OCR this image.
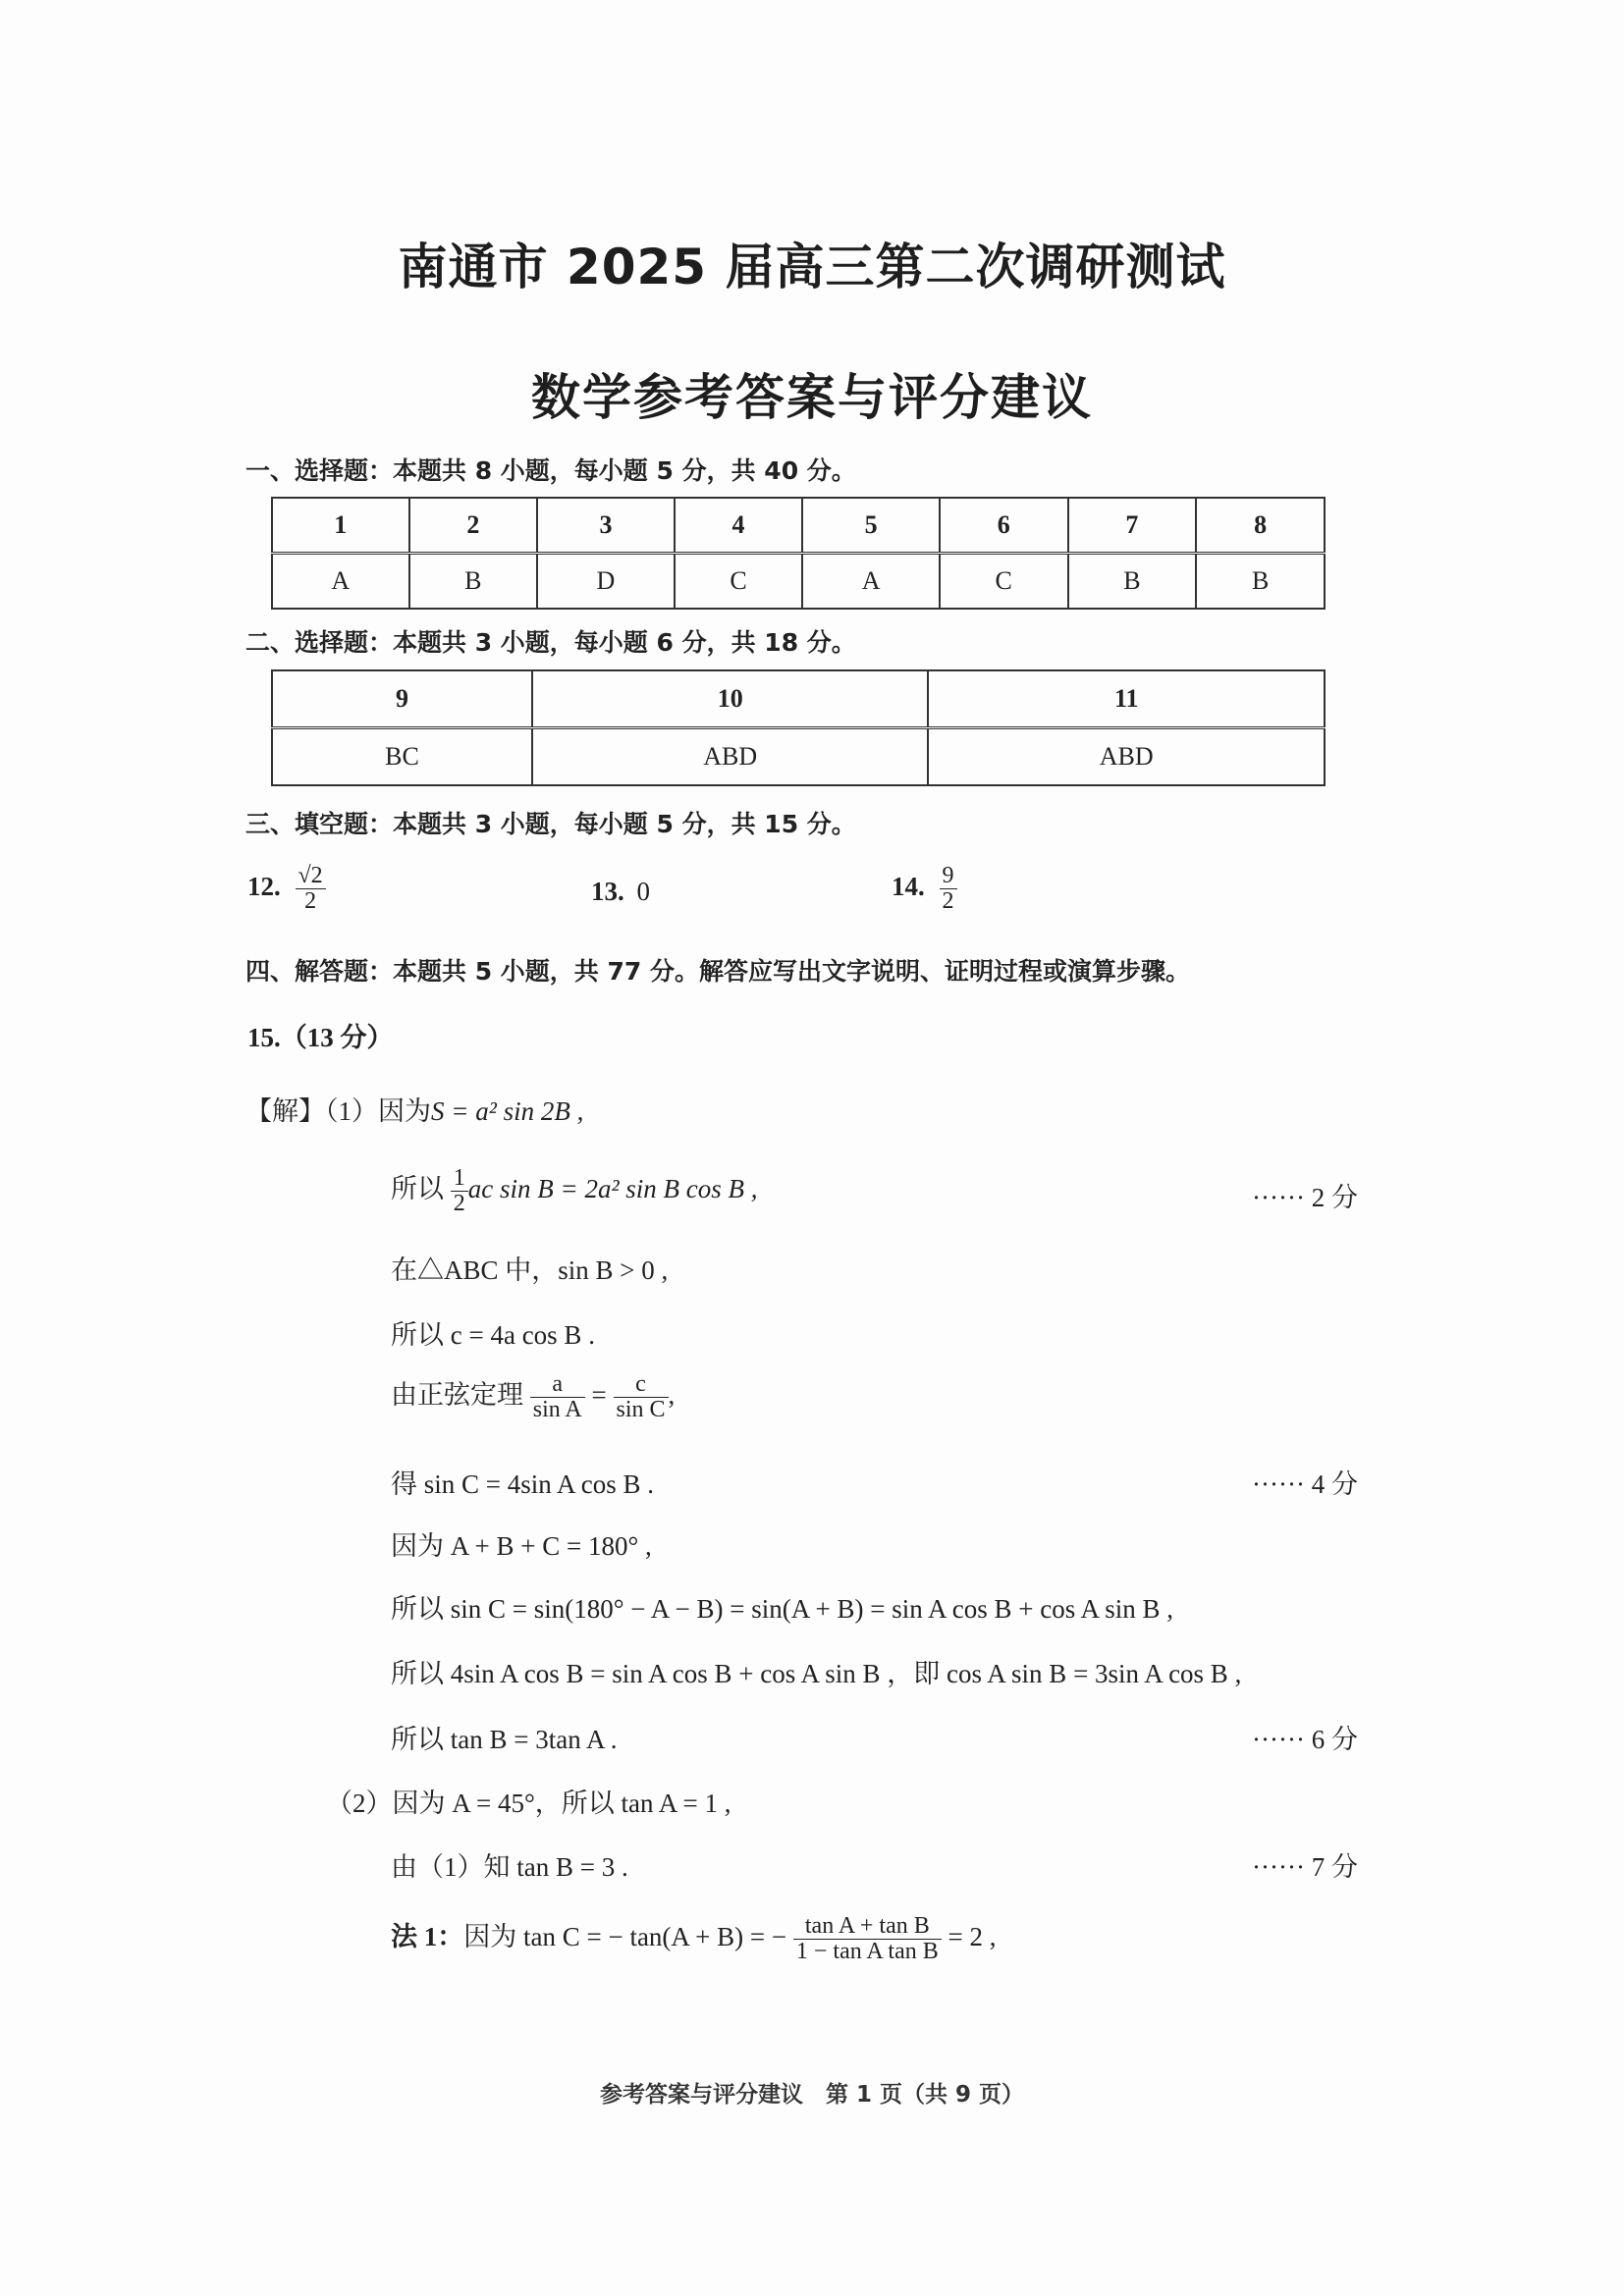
南通市 2025 届高三第二次调研测试
数学参考答案与评分建议
一、选择题：本题共 8 小题，每小题 5 分，共 40 分。
1	2	3	4	5	6	7	8
A	B	D	C	A	C	B	B
二、选择题：本题共 3 小题，每小题 6 分，共 18 分。
9	10	11
BC	ABD	ABD
三、填空题：本题共 3 小题，每小题 5 分，共 15 分。
12. $\frac{√2}{2}$	13. 0	14. $\frac{9}{2}$
四、解答题：本题共 5 小题，共 77 分。解答应写出文字说明、证明过程或演算步骤。
15.（13 分）
【解】（1）因为S = a² sin 2B ,
所以 $\frac{1}{2}$ ac sin B = 2a² sin B cos B ,	······ 2 分
在△ABC 中，sin B > 0 ,
所以 c = 4a cos B .
由正弦定理 $\frac{a}{\text{sin A}} = \frac{c}{\text{sin C}}$ ,
得 sin C = 4sin A cos B .	······ 4 分
因为 A + B + C = 180° ,
所以 sin C = sin(180° − A − B) = sin(A + B) = sin A cos B + cos A sin B ,
所以 4sin A cos B = sin A cos B + cos A sin B ，即 cos A sin B = 3sin A cos B ,
所以 tan B = 3tan A .	······ 6 分
（2）因为 A = 45°，所以 tan A = 1 ,
由（1）知 tan B = 3 .	······ 7 分
法 1：因为 tan C = − tan(A + B) = − $\frac{\text{tan A + tan B}}{\text{1 − tan A tan B}} = 2$ ,
参考答案与评分建议　第 1 页（共 9 页）
